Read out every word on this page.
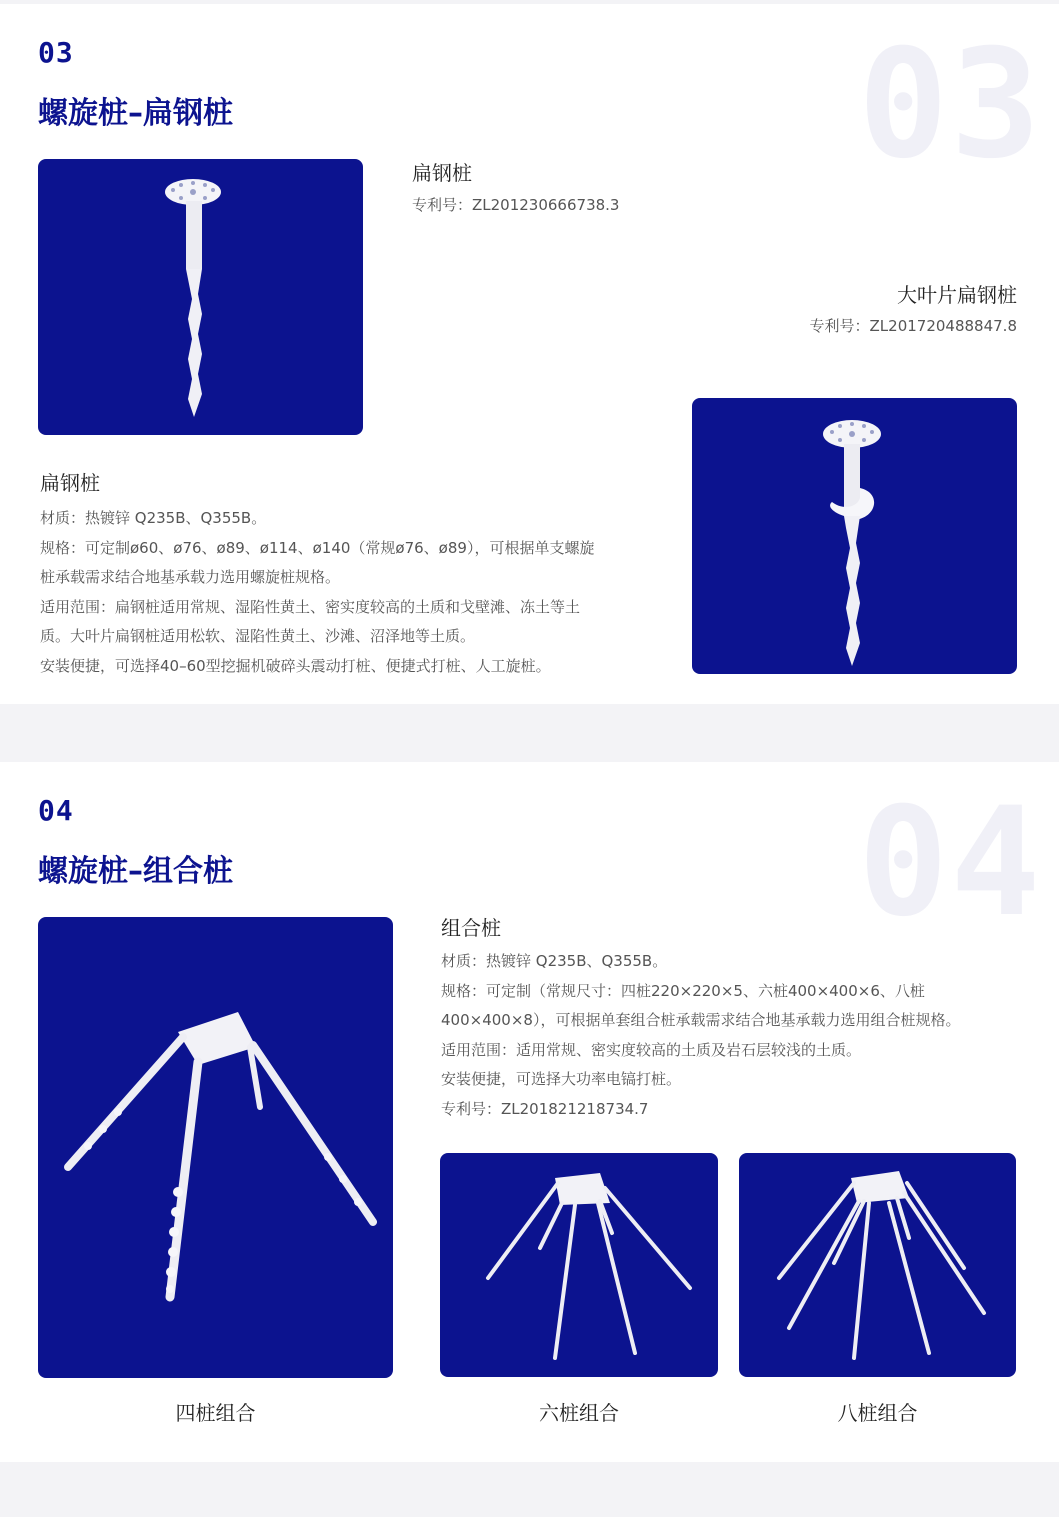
03
螺旋桩–扁钢桩	03
扁钢桩
专利号：ZL201230666738.3
大叶片扁钢桩
专利号：ZL201720488847.8
扁钢桩
材质：热镀锌 Q235B、Q355B。
规格：可定制ø60、ø76、ø89、ø114、ø140（常规ø76、ø89），可根据单支螺旋
桩承载需求结合地基承载力选用螺旋桩规格。
适用范围：扁钢桩适用常规、湿陷性黄土、密实度较高的土质和戈壁滩、冻土等土
质。大叶片扁钢桩适用松软、湿陷性黄土、沙滩、沼泽地等土质。
安装便捷，可选择40–60型挖掘机破碎头震动打桩、便捷式打桩、人工旋桩。
04
螺旋桩–组合桩	04
组合桩
材质：热镀锌 Q235B、Q355B。
规格：可定制（常规尺寸：四桩220×220×5、六桩400×400×6、八桩
400×400×8），可根据单套组合桩承载需求结合地基承载力选用组合桩规格。
适用范围：适用常规、密实度较高的土质及岩石层较浅的土质。
安装便捷，可选择大功率电镐打桩。
专利号：ZL201821218734.7
四桩组合	六桩组合	八桩组合
